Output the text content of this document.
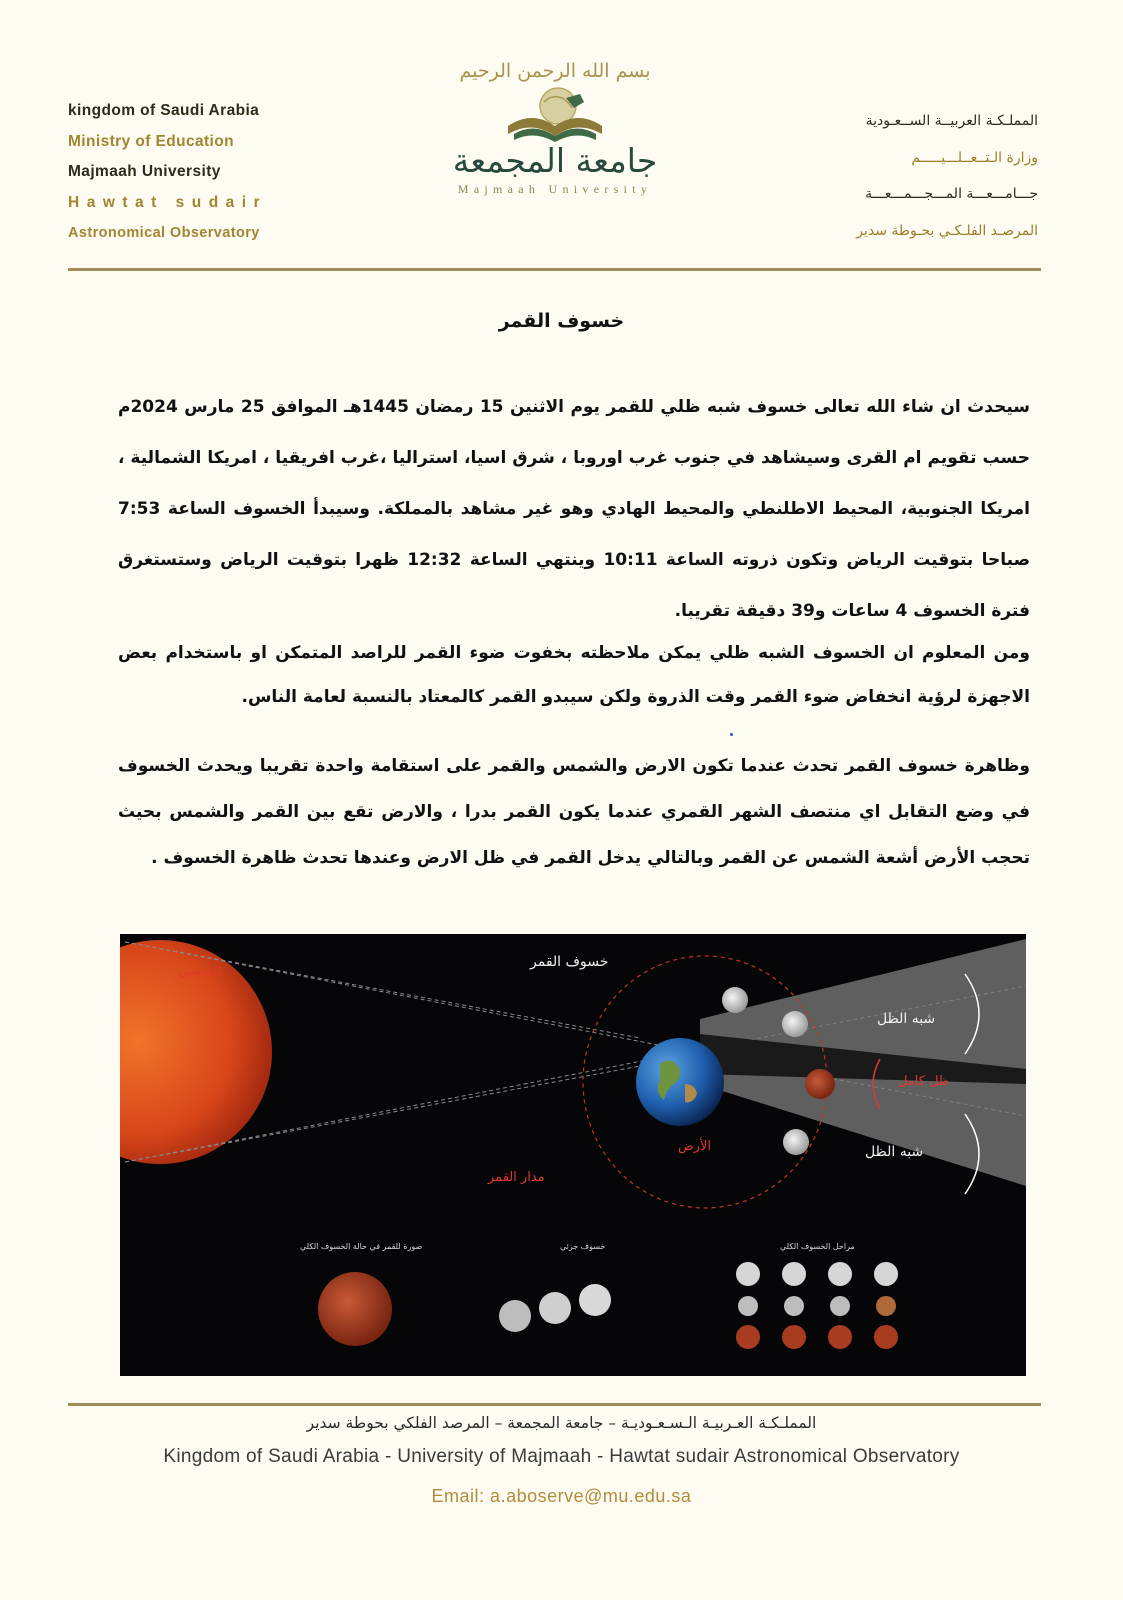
kingdom of Saudi Arabia
Ministry of Education
Majmaah University
Hawtat sudair
Astronomical Observatory
بسم الله الرحمن الرحيم
جامعة المجمعة
Majmaah University
المملـكـة العربيــة الســعـودية
وزارة الـتــعــلـــيـــــم
جـــامـــعـــة المـــجـــمـــعـــة
المرصـد الفلـكـي بحـوطة سدير
خسوف القمر
سيحدث ان شاء الله تعالى خسوف شبه ظلي للقمر يوم الاثنين 15 رمضان 1445هـ الموافق 25 مارس 2024م حسب تقويم ام القرى وسيشاهد في جنوب غرب اوروبا ، شرق اسيا، استراليا ،غرب افريقيا ، امريكا الشمالية ، امريكا الجنوبية، المحيط الاطلنطي والمحيط الهادي وهو غير مشاهد بالمملكة. وسيبدأ الخسوف الساعة 7:53 صباحا بتوقيت الرياض وتكون ذروته الساعة 10:11 وينتهي الساعة 12:32 ظهرا بتوقيت الرياض وستستغرق فترة الخسوف 4 ساعات و39 دقيقة تقريبا.
ومن المعلوم ان الخسوف الشبه ظلي يمكن ملاحظته بخفوت ضوء القمر للراصد المتمكن او باستخدام بعض الاجهزة لرؤية انخفاض ضوء القمر وقت الذروة ولكن سيبدو القمر كالمعتاد بالنسبة لعامة الناس.
وظاهرة خسوف القمر تحدث عندما تكون الارض والشمس والقمر على استقامة واحدة تقريبا ويحدث الخسوف في وضع التقابل اي منتصف الشهر القمري عندما يكون القمر بدرا ، والارض تقع بين القمر والشمس بحيث تحجب الأرض أشعة الشمس عن القمر وبالتالي يدخل القمر في ظل الارض وعندها تحدث ظاهرة الخسوف .
الشمس
خسوف القمر
شبه الظل
ظل كامل
شبه الظل
الأرض
مدار القمر
صورة للقمر في حالة الخسوف الكلي	خسوف جزئي	مراحل الخسوف الكلي
المملـكـة العـربيـة الـسـعـوديـة – جامعة المجمعة – المرصد الفلكي بحوطة سدير
Kingdom of Saudi Arabia - University of Majmaah - Hawtat sudair Astronomical Observatory
Email: a.aboserve@mu.edu.sa
